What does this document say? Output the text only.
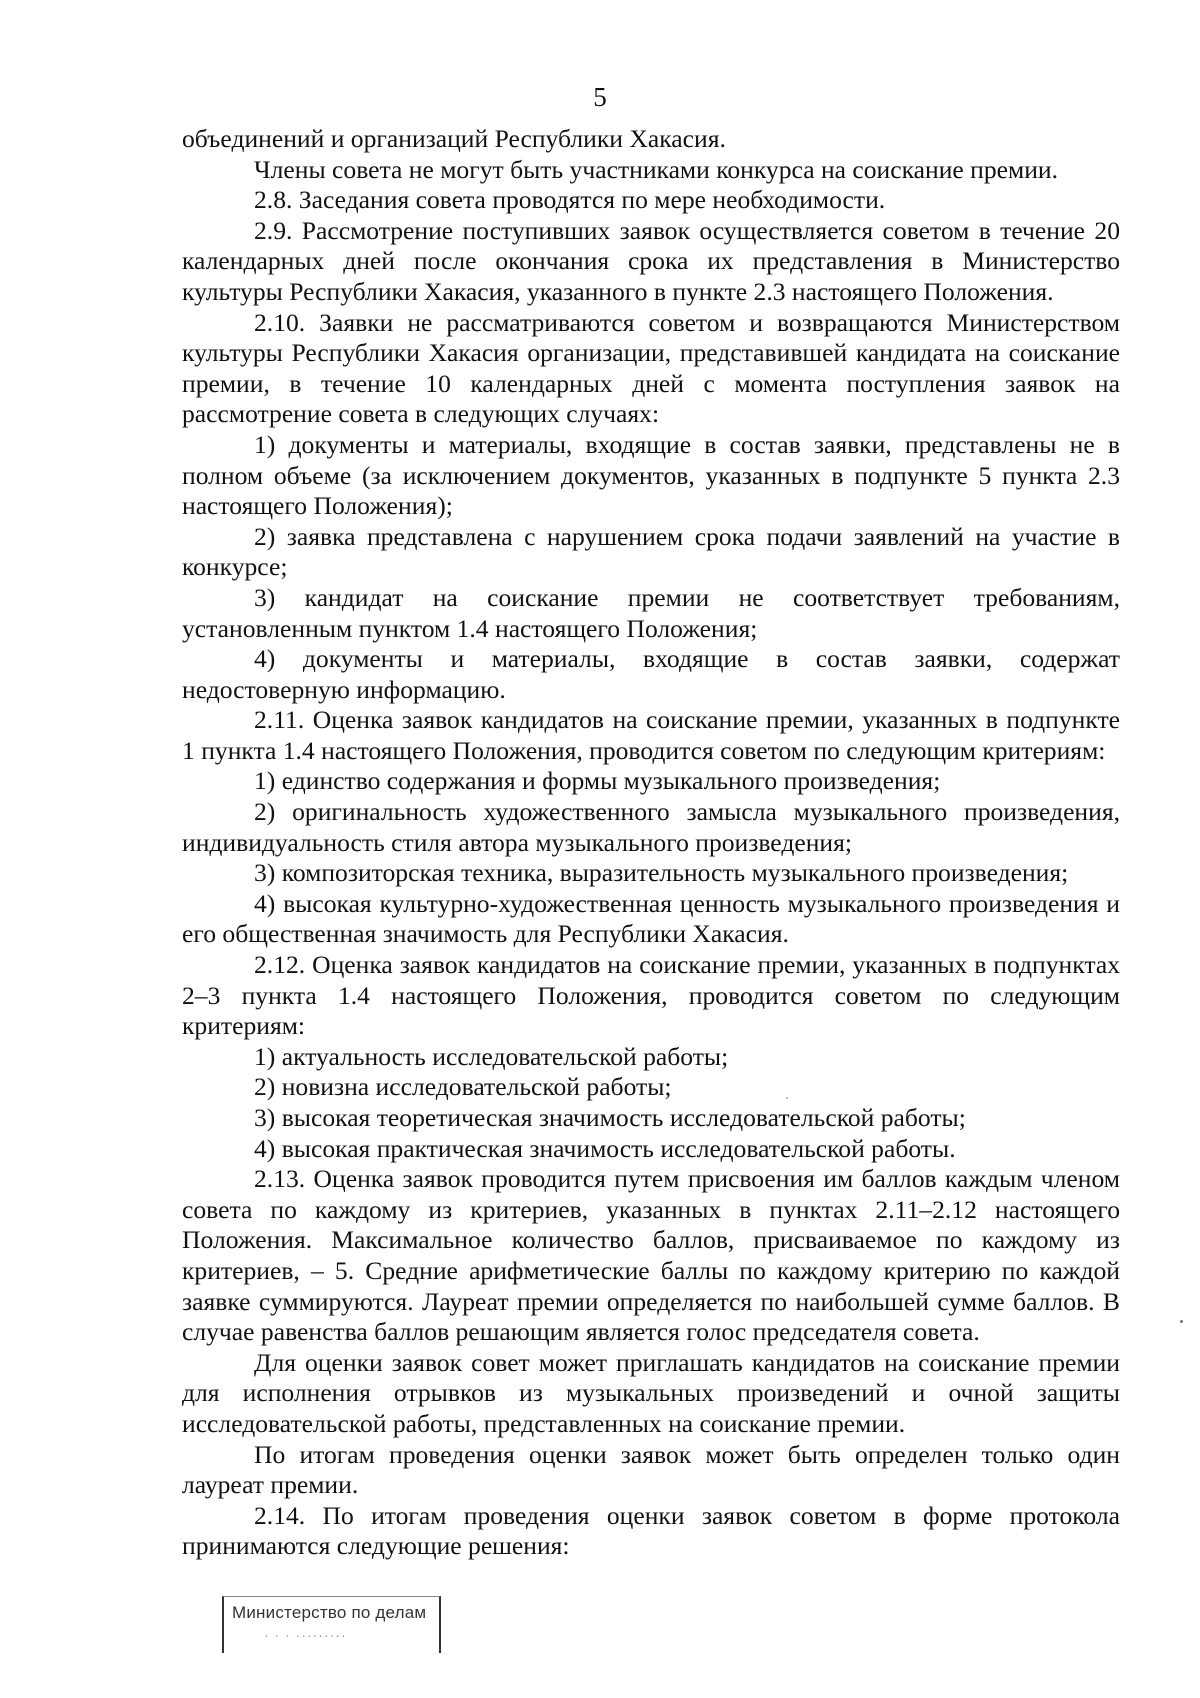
5

объединений и организаций Республики Хакасия.

Члены совета не могут быть участниками конкурса на соискание премии.

2.8. Заседания совета проводятся по мере необходимости.

2.9. Рассмотрение поступивших заявок осуществляется советом в течение 20 календарных дней после окончания срока их представления в Министерство культуры Республики Хакасия, указанного в пункте 2.3 настоящего Положения.

2.10. Заявки не рассматриваются советом и возвращаются Министерством культуры Республики Хакасия организации, представившей кандидата на соискание премии, в течение 10 календарных дней с момента поступления заявок на рассмотрение совета в следующих случаях:

1) документы и материалы, входящие в состав заявки, представлены не в полном объеме (за исключением документов, указанных в подпункте 5 пункта 2.3 настоящего Положения);

2) заявка представлена с нарушением срока подачи заявлений на участие в конкурсе;

3) кандидат на соискание премии не соответствует требованиям, установленным пунктом 1.4 настоящего Положения;

4) документы и материалы, входящие в состав заявки, содержат недостоверную информацию.

2.11. Оценка заявок кандидатов на соискание премии, указанных в подпункте 1 пункта 1.4 настоящего Положения, проводится советом по следующим критериям:

1) единство содержания и формы музыкального произведения;

2) оригинальность художественного замысла музыкального произведения, индивидуальность стиля автора музыкального произведения;

3) композиторская техника, выразительность музыкального произведения;

4) высокая культурно-художественная ценность музыкального произведения и его общественная значимость для Республики Хакасия.

2.12. Оценка заявок кандидатов на соискание премии, указанных в подпунктах 2–3 пункта 1.4 настоящего Положения, проводится советом по следующим критериям:

1) актуальность исследовательской работы;

2) новизна исследовательской работы;

3) высокая теоретическая значимость исследовательской работы;

4) высокая практическая значимость исследовательской работы.

2.13. Оценка заявок проводится путем присвоения им баллов каждым членом совета по каждому из критериев, указанных в пунктах 2.11–2.12 настоящего Положения. Максимальное количество баллов, присваиваемое по каждому из критериев, – 5. Средние арифметические баллы по каждому критерию по каждой заявке суммируются. Лауреат премии определяется по наибольшей сумме баллов. В случае равенства баллов решающим является голос председателя совета.

Для оценки заявок совет может приглашать кандидатов на соискание премии для исполнения отрывков из музыкальных произведений и очной защиты исследовательской работы, представленных на соискание премии.

По итогам проведения оценки заявок может быть определен только один лауреат премии.

2.14. По итогам проведения оценки заявок советом в форме протокола принимаются следующие решения:

Министерство по делам
· · · ·········
